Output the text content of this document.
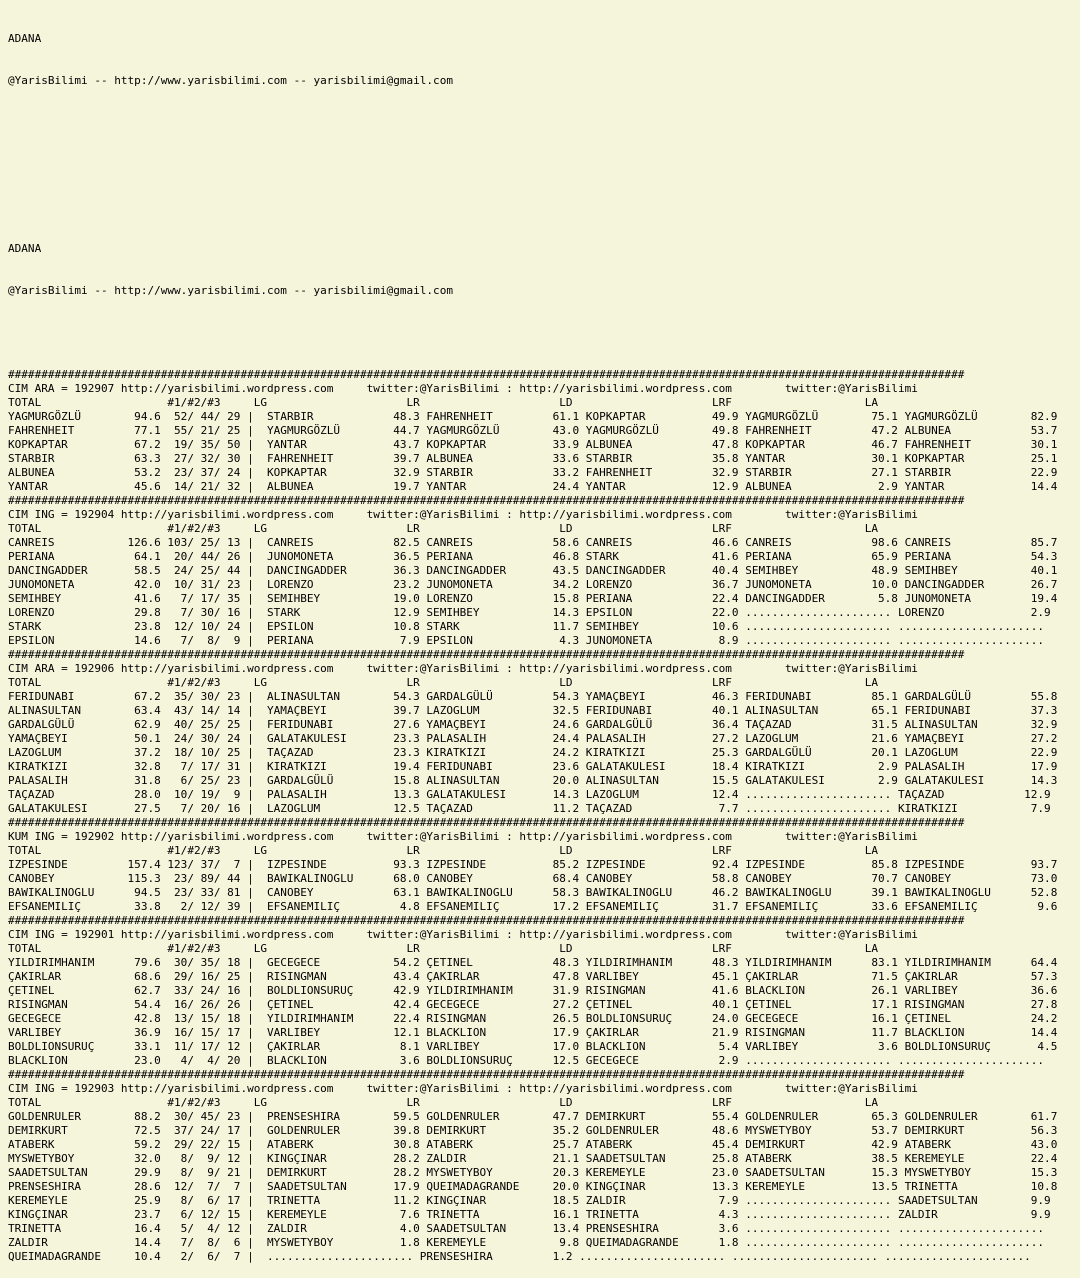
ADANA

@YarisBilimi -- http://www.yarisbilimi.com -- yarisbilimi@gmail.com

ADANA

@YarisBilimi -- http://www.yarisbilimi.com -- yarisbilimi@gmail.com

################################################################################################################################################
CIM ARA = 192907 http://yarisbilimi.wordpress.com     twitter:@YarisBilimi : http://yarisbilimi.wordpress.com        twitter:@YarisBilimi
TOTAL                   #1/#2/#3     LG                     LR                     LD                     LRF                    LA
YAGMURGÖZLÜ        94.6  52/ 44/ 29 |  STARBIR            48.3 FAHRENHEIT         61.1 KOPKAPTAR          49.9 YAGMURGÖZLÜ        75.1 YAGMURGÖZLÜ        82.9
FAHRENHEIT         77.1  55/ 21/ 25 |  YAGMURGÖZLÜ        44.7 YAGMURGÖZLÜ        43.0 YAGMURGÖZLÜ        49.8 FAHRENHEIT         47.2 ALBUNEA            53.7
KOPKAPTAR          67.2  19/ 35/ 50 |  YANTAR             43.7 KOPKAPTAR          33.9 ALBUNEA            47.8 KOPKAPTAR          46.7 FAHRENHEIT         30.1
STARBIR            63.3  27/ 32/ 30 |  FAHRENHEIT         39.7 ALBUNEA            33.6 STARBIR            35.8 YANTAR             30.1 KOPKAPTAR          25.1
ALBUNEA            53.2  23/ 37/ 24 |  KOPKAPTAR          32.9 STARBIR            33.2 FAHRENHEIT         32.9 STARBIR            27.1 STARBIR            22.9
YANTAR             45.6  14/ 21/ 32 |  ALBUNEA            19.7 YANTAR             24.4 YANTAR             12.9 ALBUNEA             2.9 YANTAR             14.4
################################################################################################################################################
CIM ING = 192904 http://yarisbilimi.wordpress.com     twitter:@YarisBilimi : http://yarisbilimi.wordpress.com        twitter:@YarisBilimi
TOTAL                   #1/#2/#3     LG                     LR                     LD                     LRF                    LA
CANREIS           126.6 103/ 25/ 13 |  CANREIS            82.5 CANREIS            58.6 CANREIS            46.6 CANREIS            98.6 CANREIS            85.7
PERIANA            64.1  20/ 44/ 26 |  JUNOMONETA         36.5 PERIANA            46.8 STARK              41.6 PERIANA            65.9 PERIANA            54.3
DANCINGADDER       58.5  24/ 25/ 44 |  DANCINGADDER       36.3 DANCINGADDER       43.5 DANCINGADDER       40.4 SEMIHBEY           48.9 SEMIHBEY           40.1
JUNOMONETA         42.0  10/ 31/ 23 |  LORENZO            23.2 JUNOMONETA         34.2 LORENZO            36.7 JUNOMONETA         10.0 DANCINGADDER       26.7
SEMIHBEY           41.6   7/ 17/ 35 |  SEMIHBEY           19.0 LORENZO            15.8 PERIANA            22.4 DANCINGADDER        5.8 JUNOMONETA         19.4
LORENZO            29.8   7/ 30/ 16 |  STARK              12.9 SEMIHBEY           14.3 EPSILON            22.0 ...................... LORENZO             2.9
STARK              23.8  12/ 10/ 24 |  EPSILON            10.8 STARK              11.7 SEMIHBEY           10.6 ...................... ......................
EPSILON            14.6   7/  8/  9 |  PERIANA             7.9 EPSILON             4.3 JUNOMONETA          8.9 ...................... ......................
################################################################################################################################################
CIM ARA = 192906 http://yarisbilimi.wordpress.com     twitter:@YarisBilimi : http://yarisbilimi.wordpress.com        twitter:@YarisBilimi
TOTAL                   #1/#2/#3     LG                     LR                     LD                     LRF                    LA
FERIDUNABI         67.2  35/ 30/ 23 |  ALINASULTAN        54.3 GARDALGÜLÜ         54.3 YAMAÇBEYI          46.3 FERIDUNABI         85.1 GARDALGÜLÜ         55.8
ALINASULTAN        63.4  43/ 14/ 14 |  YAMAÇBEYI          39.7 LAZOGLUM           32.5 FERIDUNABI         40.1 ALINASULTAN        65.1 FERIDUNABI         37.3
GARDALGÜLÜ         62.9  40/ 25/ 25 |  FERIDUNABI         27.6 YAMAÇBEYI          24.6 GARDALGÜLÜ         36.4 TAÇAZAD            31.5 ALINASULTAN        32.9
YAMAÇBEYI          50.1  24/ 30/ 24 |  GALATAKULESI       23.3 PALASALIH          24.4 PALASALIH          27.2 LAZOGLUM           21.6 YAMAÇBEYI          27.2
LAZOGLUM           37.2  18/ 10/ 25 |  TAÇAZAD            23.3 KIRATKIZI          24.2 KIRATKIZI          25.3 GARDALGÜLÜ         20.1 LAZOGLUM           22.9
KIRATKIZI          32.8   7/ 17/ 31 |  KIRATKIZI          19.4 FERIDUNABI         23.6 GALATAKULESI       18.4 KIRATKIZI           2.9 PALASALIH          17.9
PALASALIH          31.8   6/ 25/ 23 |  GARDALGÜLÜ         15.8 ALINASULTAN        20.0 ALINASULTAN        15.5 GALATAKULESI        2.9 GALATAKULESI       14.3
TAÇAZAD            28.0  10/ 19/  9 |  PALASALIH          13.3 GALATAKULESI       14.3 LAZOGLUM           12.4 ...................... TAÇAZAD            12.9
GALATAKULESI       27.5   7/ 20/ 16 |  LAZOGLUM           12.5 TAÇAZAD            11.2 TAÇAZAD             7.7 ...................... KIRATKIZI           7.9
################################################################################################################################################
KUM ING = 192902 http://yarisbilimi.wordpress.com     twitter:@YarisBilimi : http://yarisbilimi.wordpress.com        twitter:@YarisBilimi
TOTAL                   #1/#2/#3     LG                     LR                     LD                     LRF                    LA
IZPESINDE         157.4 123/ 37/  7 |  IZPESINDE          93.3 IZPESINDE          85.2 IZPESINDE          92.4 IZPESINDE          85.8 IZPESINDE          93.7
CANOBEY           115.3  23/ 89/ 44 |  BAWIKALINOGLU      68.0 CANOBEY            68.4 CANOBEY            58.8 CANOBEY            70.7 CANOBEY            73.0
BAWIKALINOGLU      94.5  23/ 33/ 81 |  CANOBEY            63.1 BAWIKALINOGLU      58.3 BAWIKALINOGLU      46.2 BAWIKALINOGLU      39.1 BAWIKALINOGLU      52.8
EFSANEMILIÇ        33.8   2/ 12/ 39 |  EFSANEMILIÇ         4.8 EFSANEMILIÇ        17.2 EFSANEMILIÇ        31.7 EFSANEMILIÇ        33.6 EFSANEMILIÇ         9.6
################################################################################################################################################
CIM ING = 192901 http://yarisbilimi.wordpress.com     twitter:@YarisBilimi : http://yarisbilimi.wordpress.com        twitter:@YarisBilimi
TOTAL                   #1/#2/#3     LG                     LR                     LD                     LRF                    LA
YILDIRIMHANIM      79.6  30/ 35/ 18 |  GECEGECE           54.2 ÇETINEL            48.3 YILDIRIMHANIM      48.3 YILDIRIMHANIM      83.1 YILDIRIMHANIM      64.4
ÇAKIRLAR           68.6  29/ 16/ 25 |  RISINGMAN          43.4 ÇAKIRLAR           47.8 VARLIBEY           45.1 ÇAKIRLAR           71.5 ÇAKIRLAR           57.3
ÇETINEL            62.7  33/ 24/ 16 |  BOLDLIONSURUÇ      42.9 YILDIRIMHANIM      31.9 RISINGMAN          41.6 BLACKLION          26.1 VARLIBEY           36.6
RISINGMAN          54.4  16/ 26/ 26 |  ÇETINEL            42.4 GECEGECE           27.2 ÇETINEL            40.1 ÇETINEL            17.1 RISINGMAN          27.8
GECEGECE           42.8  13/ 15/ 18 |  YILDIRIMHANIM      22.4 RISINGMAN          26.5 BOLDLIONSURUÇ      24.0 GECEGECE           16.1 ÇETINEL            24.2
VARLIBEY           36.9  16/ 15/ 17 |  VARLIBEY           12.1 BLACKLION          17.9 ÇAKIRLAR           21.9 RISINGMAN          11.7 BLACKLION          14.4
BOLDLIONSURUÇ      33.1  11/ 17/ 12 |  ÇAKIRLAR            8.1 VARLIBEY           17.0 BLACKLION           5.4 VARLIBEY            3.6 BOLDLIONSURUÇ       4.5
BLACKLION          23.0   4/  4/ 20 |  BLACKLION           3.6 BOLDLIONSURUÇ      12.5 GECEGECE            2.9 ...................... ......................
################################################################################################################################################
CIM ING = 192903 http://yarisbilimi.wordpress.com     twitter:@YarisBilimi : http://yarisbilimi.wordpress.com        twitter:@YarisBilimi
TOTAL                   #1/#2/#3     LG                     LR                     LD                     LRF                    LA
GOLDENRULER        88.2  30/ 45/ 23 |  PRENSESHIRA        59.5 GOLDENRULER        47.7 DEMIRKURT          55.4 GOLDENRULER        65.3 GOLDENRULER        61.7
DEMIRKURT          72.5  37/ 24/ 17 |  GOLDENRULER        39.8 DEMIRKURT          35.2 GOLDENRULER        48.6 MYSWETYBOY         53.7 DEMIRKURT          56.3
ATABERK            59.2  29/ 22/ 15 |  ATABERK            30.8 ATABERK            25.7 ATABERK            45.4 DEMIRKURT          42.9 ATABERK            43.0
MYSWETYBOY         32.0   8/  9/ 12 |  KINGÇINAR          28.2 ZALDIR             21.1 SAADETSULTAN       25.8 ATABERK            38.5 KEREMEYLE          22.4
SAADETSULTAN       29.9   8/  9/ 21 |  DEMIRKURT          28.2 MYSWETYBOY         20.3 KEREMEYLE          23.0 SAADETSULTAN       15.3 MYSWETYBOY         15.3
PRENSESHIRA        28.6  12/  7/  7 |  SAADETSULTAN       17.9 QUEIMADAGRANDE     20.0 KINGÇINAR          13.3 KEREMEYLE          13.5 TRINETTA           10.8
KEREMEYLE          25.9   8/  6/ 17 |  TRINETTA           11.2 KINGÇINAR          18.5 ZALDIR              7.9 ...................... SAADETSULTAN        9.9
KINGÇINAR          23.7   6/ 12/ 15 |  KEREMEYLE           7.6 TRINETTA           16.1 TRINETTA            4.3 ...................... ZALDIR              9.9
TRINETTA           16.4   5/  4/ 12 |  ZALDIR              4.0 SAADETSULTAN       13.4 PRENSESHIRA         3.6 ...................... ......................
ZALDIR             14.4   7/  8/  6 |  MYSWETYBOY          1.8 KEREMEYLE           9.8 QUEIMADAGRANDE      1.8 ...................... ......................
QUEIMADAGRANDE     10.4   2/  6/  7 |  ...................... PRENSESHIRA         1.2 ...................... ...................... ......................
